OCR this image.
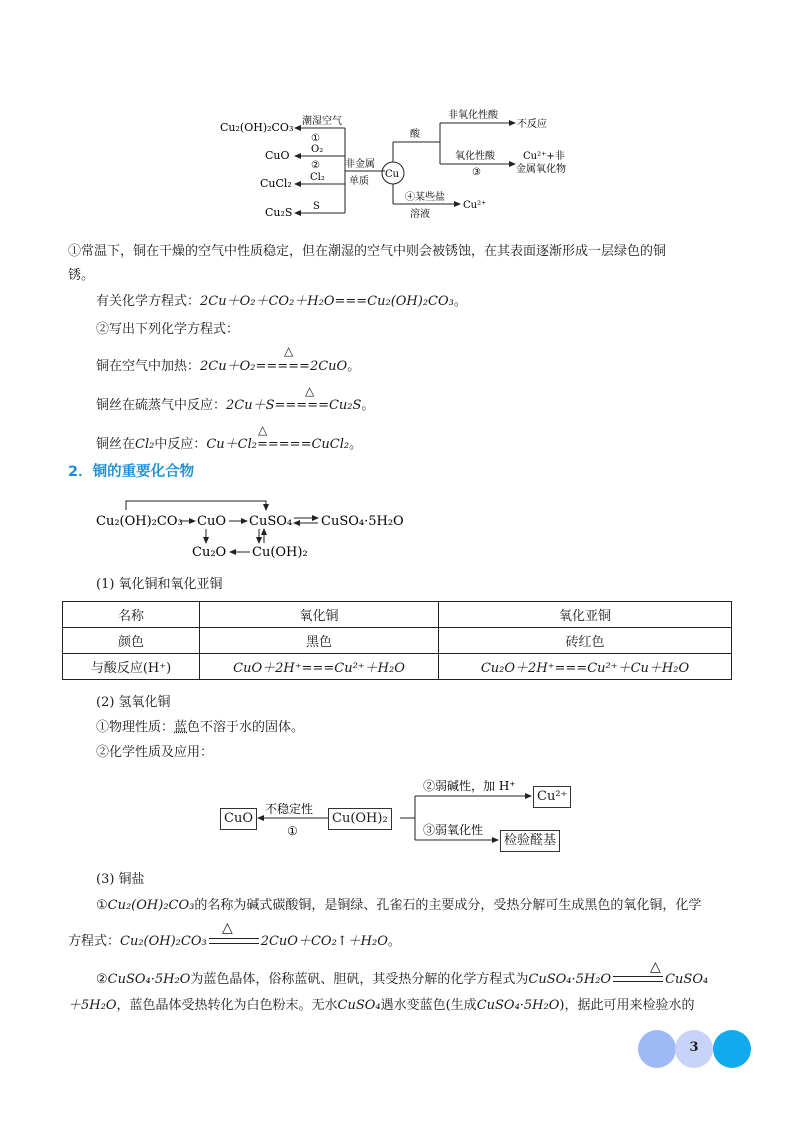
Cu₂(OH)₂CO₃
CuO
CuCl₂
Cu₂S
潮湿空气
①
O₂
②
Cl₂
S
非金属
单质
Cu
酸
非氧化性酸
不反应
氧化性酸
③
Cu²⁺+非
金属氧化物
④某些盐
溶液
Cu²⁺
①常温下，铜在干燥的空气中性质稳定，但在潮湿的空气中则会被锈蚀，在其表面逐渐形成一层绿色的铜
锈。
有关化学方程式：2Cu＋O₂＋CO₂＋H₂O===Cu₂(OH)₂CO₃。
②写出下列化学方程式：
△
铜在空气中加热：2Cu＋O₂=====2CuO。
△
铜丝在硫蒸气中反应：2Cu＋S=====Cu₂S。
△
铜丝在Cl₂中反应：Cu＋Cl₂=====CuCl₂。
2．铜的重要化合物
Cu₂(OH)₂CO₃ CuO CuSO₄ CuSO₄·5H₂O
Cu₂O Cu(OH)₂
(1) 氧化铜和氧化亚铜
名称	氧化铜	氧化亚铜
颜色	黑色	砖红色
与酸反应(H⁺)	CuO＋2H⁺===Cu²⁺＋H₂O	Cu₂O＋2H⁺===Cu²⁺＋Cu＋H₂O
(2) 氢氧化铜
①物理性质：蓝色不溶于水的固体。
②化学性质及应用：
CuO	Cu(OH)₂
Cu²⁺
检验醛基
不稳定性
①
②弱碱性，加 H⁺
③弱氧化性
(3) 铜盐
①Cu₂(OH)₂CO₃的名称为碱式碳酸铜，是铜绿、孔雀石的主要成分，受热分解可生成黑色的氧化铜，化学
△
方程式：Cu₂(OH)₂CO₃	2CuO＋CO₂↑＋H₂O。
△
②CuSO₄·5H₂O为蓝色晶体，俗称蓝矾、胆矾，其受热分解的化学方程式为CuSO₄·5H₂O	CuSO₄
＋5H₂O，蓝色晶体受热转化为白色粉末。无水CuSO₄遇水变蓝色(生成CuSO₄·5H₂O)，据此可用来检验水的
3
